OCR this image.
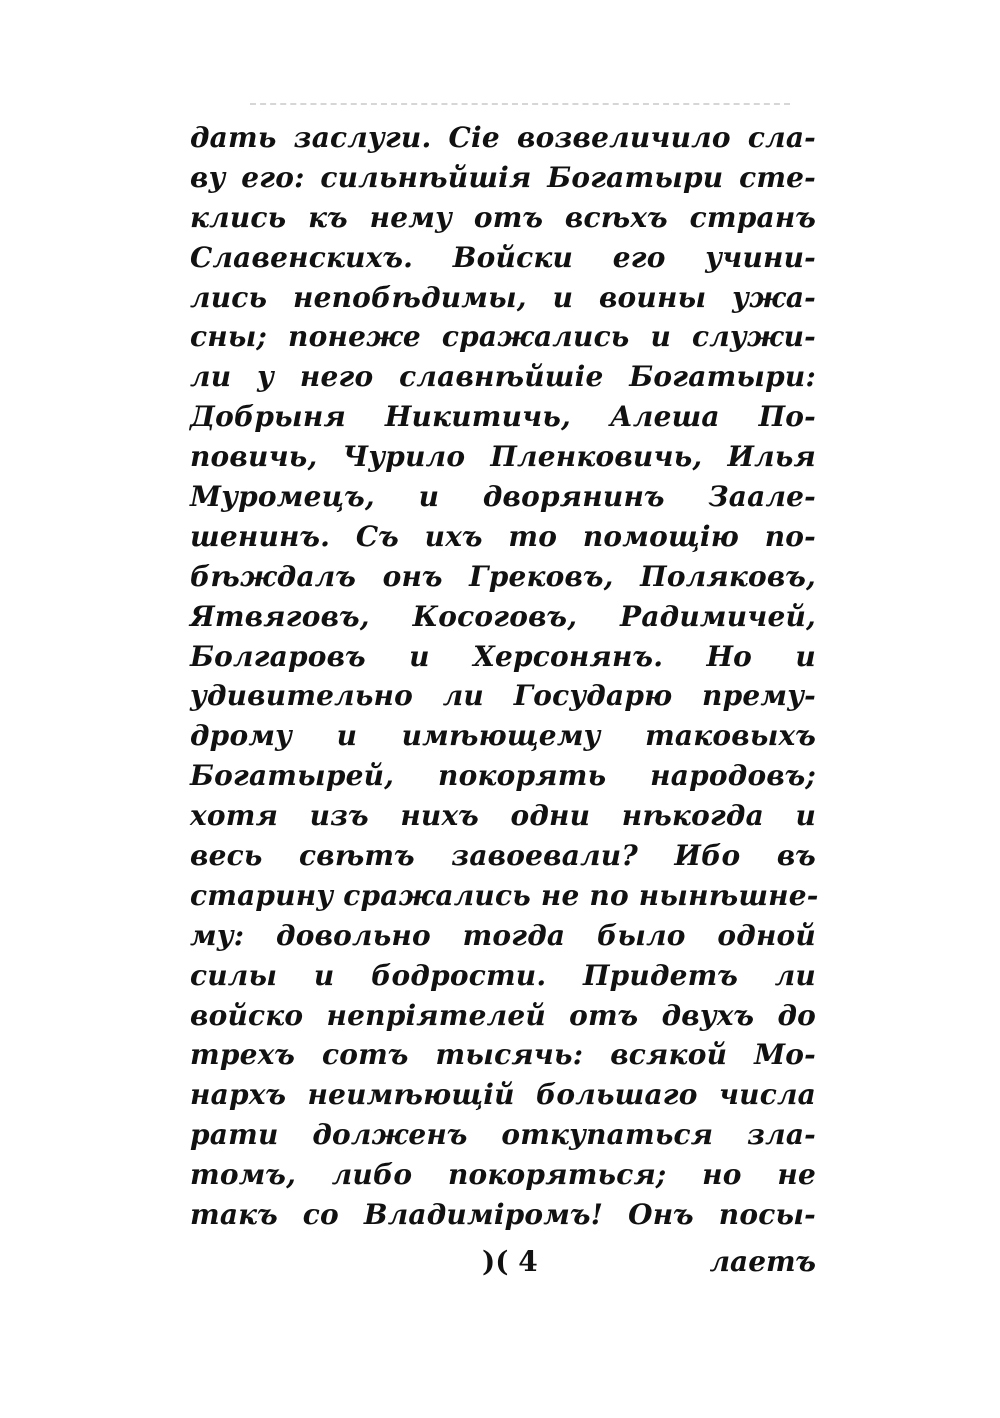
дать заслуги. Сіе возвеличило сла-
ву его: сильнѣйшія Богатыри сте-
клись къ нему отъ всѣхъ странъ
Славенскихъ. Войски его учини-
лись непобѣдимы, и воины ужа-
сны; понеже сражались и служи-
ли у него славнѣйшіе Богатыри:
Добрыня Никитичь, Алеша По-
повичь, Чурило Пленковичь, Илья
Муромецъ, и дворянинъ Заале-
шенинъ. Съ ихъ то помощію по-
бѣждалъ онъ Грековъ, Поляковъ,
Ятвяговъ, Косоговъ, Радимичей,
Болгаровъ и Херсонянъ. Но и
удивительно ли Государю прему-
дрому и имѣющему таковыхъ
Богатырей, покорять народовъ;
хотя изъ нихъ одни нѣкогда и
весь свѣтъ завоевали? Ибо въ
старину сражались не по нынѣшне-
му: довольно тогда было одной
силы и бодрости. Придетъ ли
войско непріятелей отъ двухъ до
трехъ сотъ тысячь: всякой Мо-
нархъ неимѣющій большаго числа
рати долженъ откупаться зла-
томъ, либо покоряться; но не
такъ со Владиміромъ! Онъ посы-
)( 4	лаетъ
